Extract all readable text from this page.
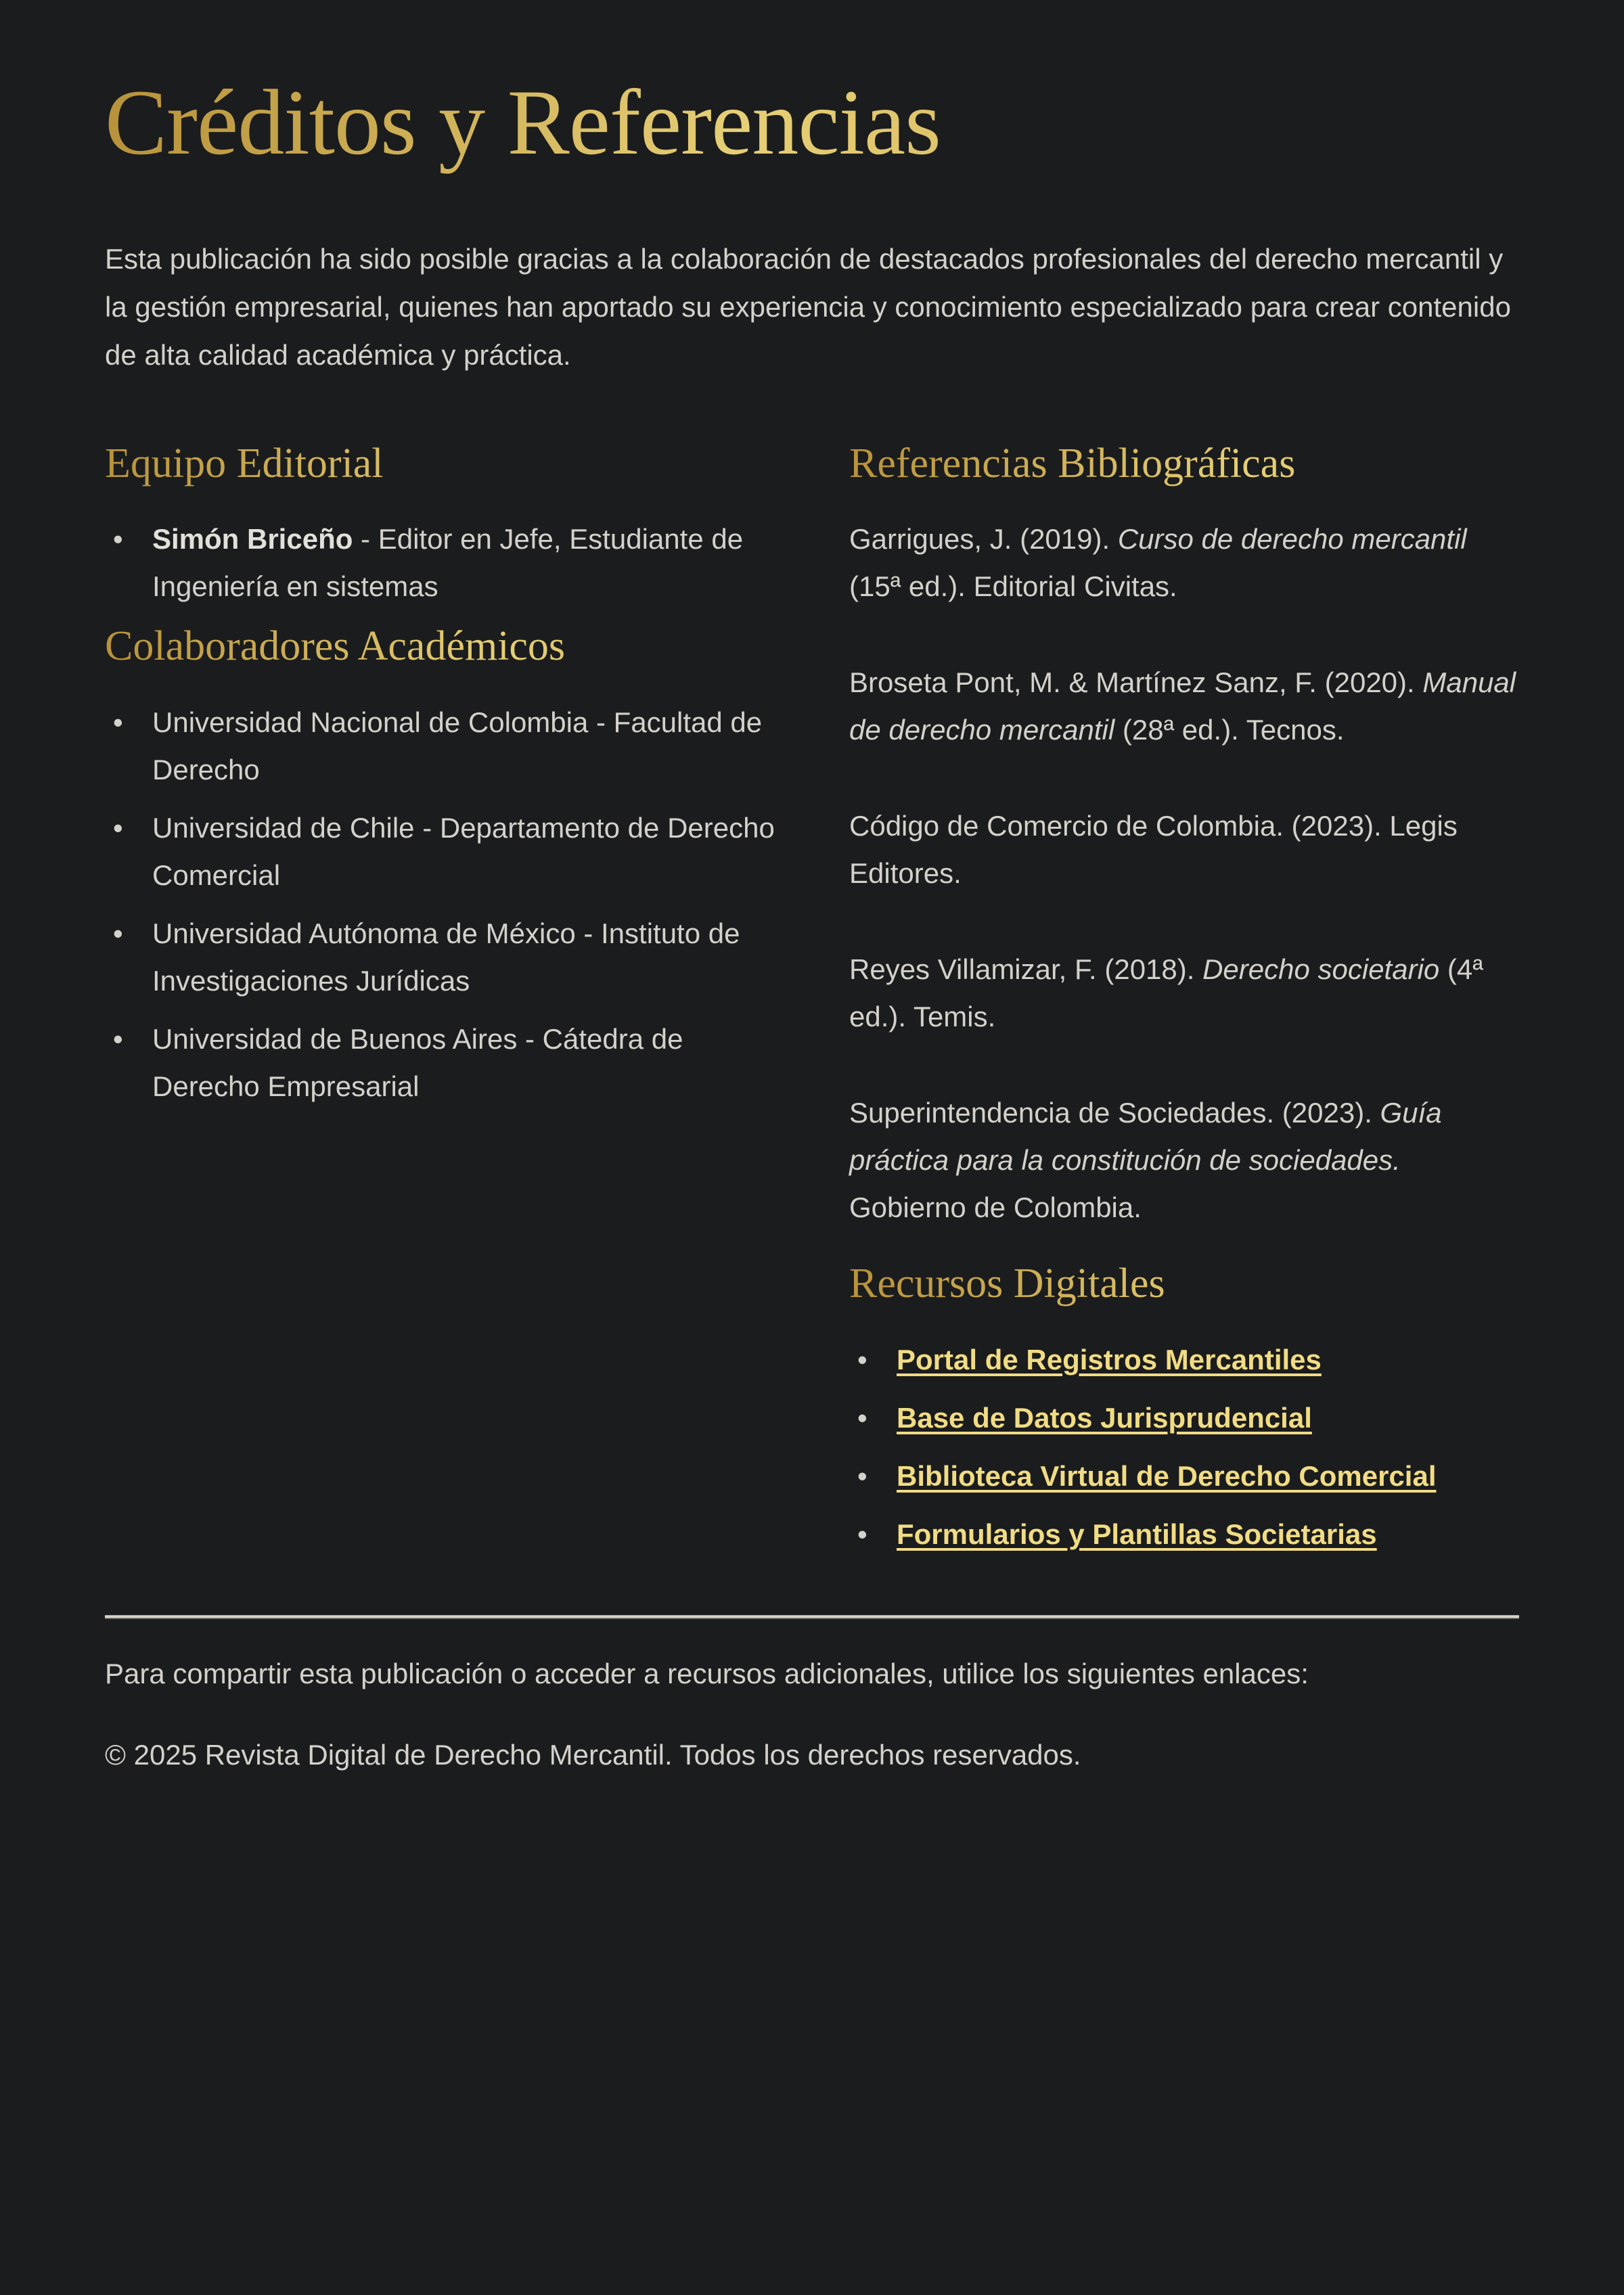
Créditos y Referencias

Esta publicación ha sido posible gracias a la colaboración de destacados profesionales del derecho mercantil y la gestión empresarial, quienes han aportado su experiencia y conocimiento especializado para crear contenido de alta calidad académica y práctica.

Equipo Editorial
• Simón Briceño - Editor en Jefe, Estudiante de Ingeniería en sistemas
Colaboradores Académicos
• Universidad Nacional de Colombia - Facultad de Derecho
• Universidad de Chile - Departamento de Derecho Comercial
• Universidad Autónoma de México - Instituto de Investigaciones Jurídicas
• Universidad de Buenos Aires - Cátedra de Derecho Empresarial
Referencias Bibliográficas
Garrigues, J. (2019). Curso de derecho mercantil (15ª ed.). Editorial Civitas.
Broseta Pont, M. & Martínez Sanz, F. (2020). Manual de derecho mercantil (28ª ed.). Tecnos.
Código de Comercio de Colombia. (2023). Legis Editores.
Reyes Villamizar, F. (2018). Derecho societario (4ª ed.). Temis.
Superintendencia de Sociedades. (2023). Guía práctica para la constitución de sociedades. Gobierno de Colombia.
Recursos Digitales
• Portal de Registros Mercantiles
• Base de Datos Jurisprudencial
• Biblioteca Virtual de Derecho Comercial
• Formularios y Plantillas Societarias

Para compartir esta publicación o acceder a recursos adicionales, utilice los siguientes enlaces:

© 2025 Revista Digital de Derecho Mercantil. Todos los derechos reservados.
